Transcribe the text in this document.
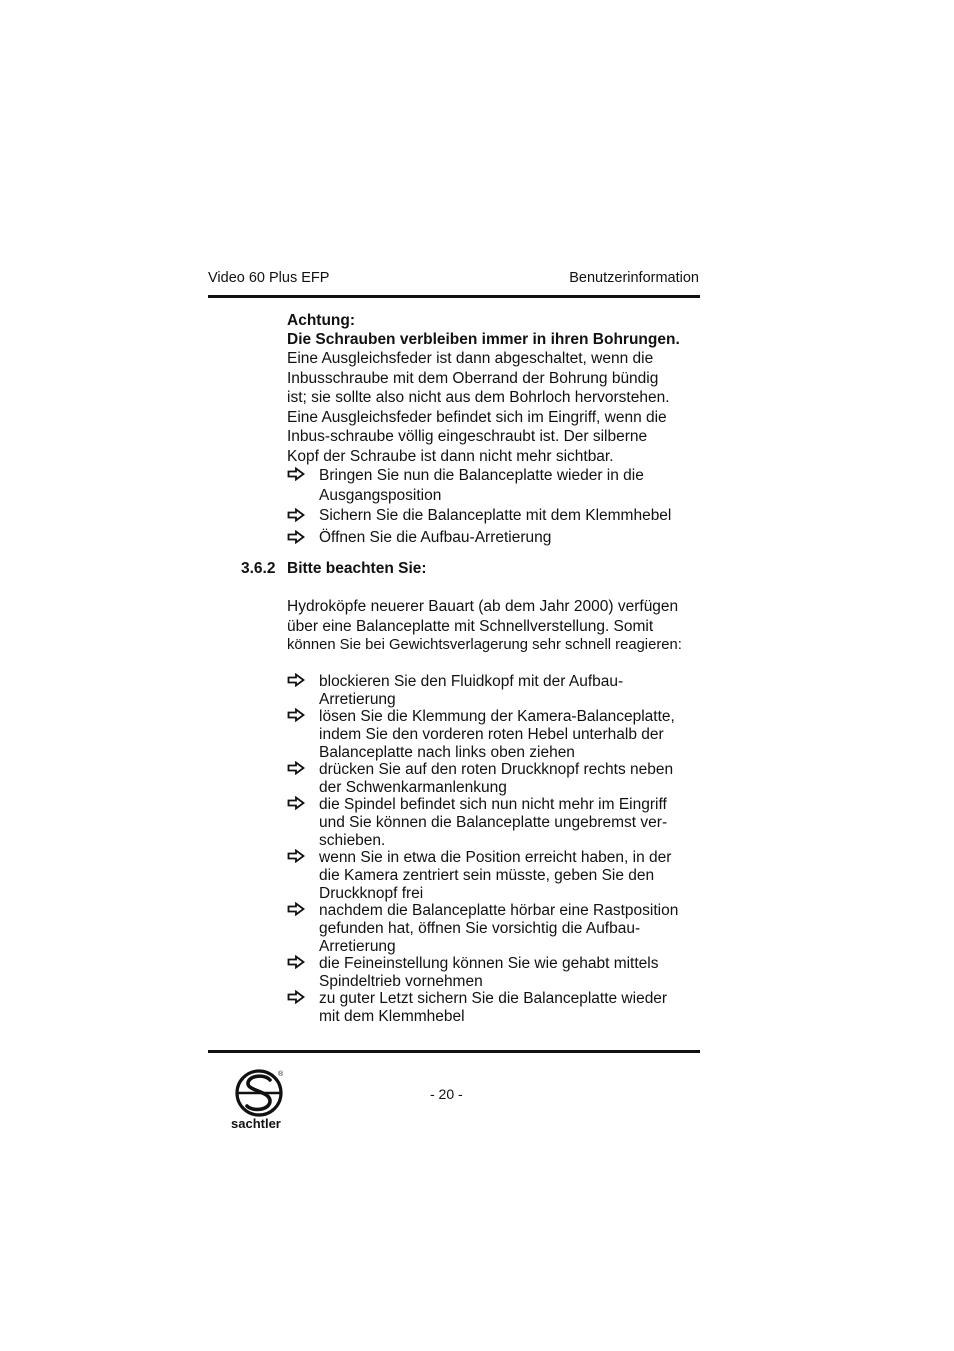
Video 60 Plus EFP	Benutzerinformation
Achtung:
Die Schrauben verbleiben immer in ihren Bohrungen.
Eine Ausgleichsfeder ist dann abgeschaltet, wenn die
Inbusschraube mit dem Oberrand der Bohrung bündig
ist; sie sollte also nicht aus dem Bohrloch hervorstehen.
Eine Ausgleichsfeder befindet sich im Eingriff, wenn die
Inbus-schraube völlig eingeschraubt ist. Der silberne
Kopf der Schraube ist dann nicht mehr sichtbar.
Bringen Sie nun die Balanceplatte wieder in die
Ausgangsposition
Sichern Sie die Balanceplatte mit dem Klemmhebel
Öffnen Sie die Aufbau-Arretierung
3.6.2 Bitte beachten Sie:
Hydroköpfe neuerer Bauart (ab dem Jahr 2000) verfügen
über eine Balanceplatte mit Schnellverstellung. Somit
können Sie bei Gewichtsverlagerung sehr schnell reagieren:
blockieren Sie den Fluidkopf mit der Aufbau-
Arretierung
lösen Sie die Klemmung der Kamera-Balanceplatte,
indem Sie den vorderen roten Hebel unterhalb der
Balanceplatte nach links oben ziehen
drücken Sie auf den roten Druckknopf rechts neben
der Schwenkarmanlenkung
die Spindel befindet sich nun nicht mehr im Eingriff
und Sie können die Balanceplatte ungebremst ver-
schieben.
wenn Sie in etwa die Position erreicht haben, in der
die Kamera zentriert sein müsste, geben Sie den
Druckknopf frei
nachdem die Balanceplatte hörbar eine Rastposition
gefunden hat, öffnen Sie vorsichtig die Aufbau-
Arretierung
die Feineinstellung können Sie wie gehabt mittels
Spindeltrieb vornehmen
zu guter Letzt sichern Sie die Balanceplatte wieder
mit dem Klemmhebel
®
sachtler
- 20 -
